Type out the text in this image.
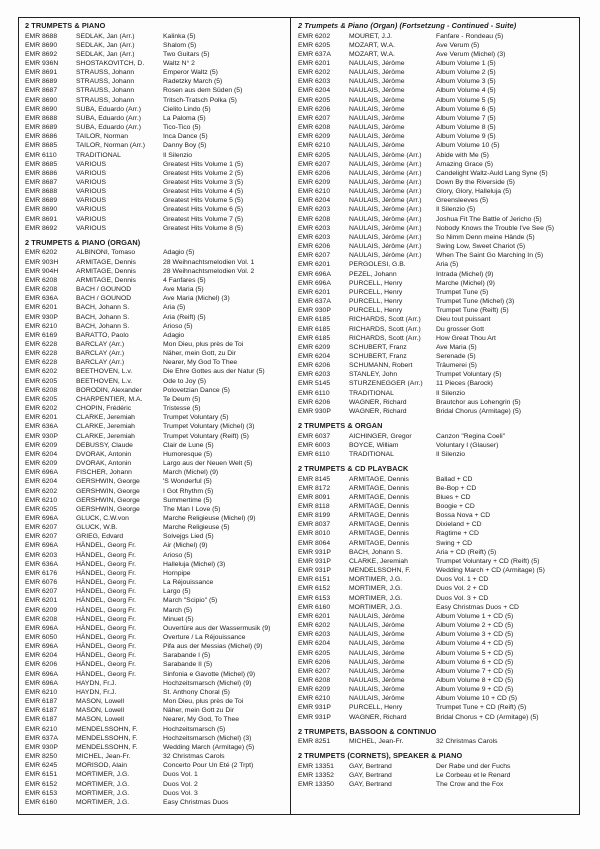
2 TRUMPETS & PIANO
EMR 8688	SEDLAK, Jan (Arr.)	Kalinka (5)
EMR 8690	SEDLAK, Jan (Arr.)	Shalom (5)
EMR 8692	SEDLAK, Jan (Arr.)	Two Guitars (5)
EMR 936N	SHOSTAKOVITCH, D.	Waltz N° 2
EMR 8691	STRAUSS, Johann	Emperor Waltz (5)
EMR 8689	STRAUSS, Johann	Radetzky March (5)
EMR 8687	STRAUSS, Johann	Rosen aus dem Süden (5)
EMR 8690	STRAUSS, Johann	Tritsch-Tratsch Polka (5)
EMR 8690	SUBA, Eduardo (Arr.)	Cielito Lindo (5)
EMR 8688	SUBA, Eduardo (Arr.)	La Paloma (5)
EMR 8689	SUBA, Eduardo (Arr.)	Tico-Tico (5)
EMR 8686	TAILOR, Norman	Inca Dance (5)
EMR 8685	TAILOR, Norman (Arr.)	Danny Boy (5)
EMR 6110	TRADITIONAL	Il Silenzio
EMR 8685	VARIOUS	Greatest Hits Volume 1 (5)
EMR 8686	VARIOUS	Greatest Hits Volume 2 (5)
EMR 8687	VARIOUS	Greatest Hits Volume 3 (5)
EMR 8688	VARIOUS	Greatest Hits Volume 4 (5)
EMR 8689	VARIOUS	Greatest Hits Volume 5 (5)
EMR 8690	VARIOUS	Greatest Hits Volume 6 (5)
EMR 8691	VARIOUS	Greatest Hits Volume 7 (5)
EMR 8692	VARIOUS	Greatest Hits Volume 8 (5)
2 TRUMPETS & PIANO (ORGAN)
EMR 6202	ALBINONI, Tomaso	Adagio (5)
EMR 903H	ARMITAGE, Dennis	28 Weihnachtsmelodien Vol. 1
EMR 904H	ARMITAGE, Dennis	28 Weihnachtsmelodien Vol. 2
EMR 6208	ARMITAGE, Dennis	4 Fanfares (5)
EMR 6208	BACH / GOUNOD	Ave Maria (5)
EMR 636A	BACH / GOUNOD	Ave Maria (Michel) (3)
EMR 6201	BACH, Johann S.	Aria (5)
EMR 930P	BACH, Johann S.	Aria (Reift) (5)
EMR 6210	BACH, Johann S.	Arioso (5)
EMR 6169	BARATTO, Paolo	Adagio
EMR 6228	BARCLAY (Arr.)	Mon Dieu, plus près de Toi
EMR 6228	BARCLAY (Arr.)	Näher, mein Gott, zu Dir
EMR 6228	BARCLAY (Arr.)	Nearer, My God To Thee
EMR 6202	BEETHOVEN, L.v.	Die Ehre Gottes aus der Natur (5)
EMR 6205	BEETHOVEN, L.v.	Ode to Joy (5)
EMR 6208	BORODIN, Alexander	Polovetzian Dance (5)
EMR 6205	CHARPENTIER, M.A.	Te Deum (5)
EMR 6202	CHOPIN, Frédéric	Tristesse (5)
EMR 6201	CLARKE, Jeremiah	Trumpet Voluntary (5)
EMR 636A	CLARKE, Jeremiah	Trumpet Voluntary (Michel) (3)
EMR 930P	CLARKE, Jeremiah	Trumpet Voluntary (Reift) (5)
EMR 6209	DEBUSSY, Claude	Clair de Lune (5)
EMR 6204	DVORAK, Antonin	Humoresque (5)
EMR 6209	DVORAK, Antonin	Largo aus der Neuen Welt (5)
EMR 696A	FISCHER, Johann	March (Michel) (9)
EMR 6204	GERSHWIN, George	'S Wonderful (5)
EMR 6202	GERSHWIN, George	I Got Rhythm (5)
EMR 6210	GERSHWIN, George	Summertime (5)
EMR 6205	GERSHWIN, George	The Man I Love (5)
EMR 696A	GLUCK, C.W.von	Marche Religieuse (Michel) (9)
EMR 6207	GLUCK, W.B.	Marche Religieuse (5)
EMR 6207	GRIEG, Edvard	Solvejgs Lied (5)
EMR 696A	HÄNDEL, Georg Fr.	Air (Michel) (9)
EMR 6203	HÄNDEL, Georg Fr.	Arioso (5)
EMR 636A	HÄNDEL, Georg Fr.	Halleluja (Michel) (3)
EMR 6176	HÄNDEL, Georg Fr.	Hornpipe
EMR 6076	HÄNDEL, Georg Fr.	La Réjouissance
EMR 6207	HÄNDEL, Georg Fr.	Largo (5)
EMR 6201	HÄNDEL, Georg Fr.	March "Scipio" (5)
EMR 6209	HÄNDEL, Georg Fr.	March (5)
EMR 6208	HÄNDEL, Georg Fr.	Minuet (5)
EMR 696A	HÄNDEL, Georg Fr.	Ouvertüre aus der Wassermusik (9)
EMR 6050	HÄNDEL, Georg Fr.	Overture / La Réjouissance
EMR 696A	HÄNDEL, Georg Fr.	Pifa aus der Messias (Michel) (9)
EMR 6204	HÄNDEL, Georg Fr.	Sarabande I (5)
EMR 6206	HÄNDEL, Georg Fr.	Sarabande II (5)
EMR 696A	HÄNDEL, Georg Fr.	Sinfonia e Gavotte (Michel) (9)
EMR 696A	HAYDN, Fr.J.	Hochzeitsmarsch (Michel) (9)
EMR 6210	HAYDN, Fr.J.	St. Anthony Choral (5)
EMR 6187	MASON, Lowell	Mon Dieu, plus près de Toi
EMR 6187	MASON, Lowell	Näher, mein Gott zu Dir
EMR 6187	MASON, Lowell	Nearer, My God, To Thee
EMR 6210	MENDELSSOHN, F.	Hochzeitsmarsch (5)
EMR 637A	MENDELSSOHN, F.	Hochzeitsmarsch (Michel) (3)
EMR 930P	MENDELSSOHN, F.	Wedding March (Armitage) (5)
EMR 8250	MICHEL, Jean-Fr.	32 Christmas Carols
EMR 6245	MORISOD, Alain	Concerto Pour Un Eté (2 Trpt)
EMR 6151	MORTIMER, J.G.	Duos Vol. 1
EMR 6152	MORTIMER, J.G.	Duos Vol. 2
EMR 6153	MORTIMER, J.G.	Duos Vol. 3
EMR 6160	MORTIMER, J.G.	Easy Christmas Duos
2 Trumpets & Piano (Organ) (Fortsetzung - Continued - Suite)
EMR 6202	MOURET, J.J.	Fanfare - Rondeau (5)
EMR 6205	MOZART, W.A.	Ave Verum (5)
EMR 637A	MOZART, W.A.	Ave Verum (Michel) (3)
EMR 6201	NAULAIS, Jérôme	Album Volume 1 (5)
EMR 6202	NAULAIS, Jérôme	Album Volume 2 (5)
EMR 6203	NAULAIS, Jérôme	Album Volume 3 (5)
EMR 6204	NAULAIS, Jérôme	Album Volume 4 (5)
EMR 6205	NAULAIS, Jérôme	Album Volume 5 (5)
EMR 6206	NAULAIS, Jérôme	Album Volume 6 (5)
EMR 6207	NAULAIS, Jérôme	Album Volume 7 (5)
EMR 6208	NAULAIS, Jérôme	Album Volume 8 (5)
EMR 6209	NAULAIS, Jérôme	Album Volume 9 (5)
EMR 6210	NAULAIS, Jérôme	Album Volume 10 (5)
EMR 6205	NAULAIS, Jérôme (Arr.)	Abide with Me (5)
EMR 6207	NAULAIS, Jérôme (Arr.)	Amazing Grace (5)
EMR 6206	NAULAIS, Jérôme (Arr.)	Candelight Waltz-Auld Lang Syne (5)
EMR 6209	NAULAIS, Jérôme (Arr.)	Down By the Riverside (5)
EMR 6210	NAULAIS, Jérôme (Arr.)	Glory, Glory, Halleluja (5)
EMR 6204	NAULAIS, Jérôme (Arr.)	Greensleeves (5)
EMR 6203	NAULAIS, Jérôme (Arr.)	Il Silenzio (5)
EMR 6208	NAULAIS, Jérôme (Arr.)	Joshua Fit The Battle of Jericho (5)
EMR 6203	NAULAIS, Jérôme (Arr.)	Nobody Knows the Trouble I've See (5)
EMR 6203	NAULAIS, Jérôme (Arr.)	So Nimm Denn meine Hände (5)
EMR 6206	NAULAIS, Jérôme (Arr.)	Swing Low, Sweet Chariot (5)
EMR 6207	NAULAIS, Jérôme (Arr.)	When The Saint Go Marching In (5)
EMR 6201	PERGOLESI, G.B.	Aria (5)
EMR 696A	PEZEL, Johann	Intrada (Michel) (9)
EMR 696A	PURCELL, Henry	Marche (Michel) (9)
EMR 6201	PURCELL, Henry	Trumpet Tune (5)
EMR 637A	PURCELL, Henry	Trumpet Tune (Michel) (3)
EMR 930P	PURCELL, Henry	Trumpet Tune (Reift) (5)
EMR 6185	RICHARDS, Scott (Arr.)	Dieu tout puissant
EMR 6185	RICHARDS, Scott (Arr.)	Du grosser Gott
EMR 6185	RICHARDS, Scott (Arr.)	How Great Thou Art
EMR 6209	SCHUBERT, Franz	Ave Maria (5)
EMR 6204	SCHUBERT, Franz	Serenade (5)
EMR 6206	SCHUMANN, Robert	Träumerei (5)
EMR 6203	STANLEY, John	Trumpet Voluntary (5)
EMR 5145	STURZENEGGER (Arr.)	11 Pieces (Barock)
EMR 6110	TRADITIONAL	Il Silenzio
EMR 6206	WAGNER, Richard	Brautchor aus Lohengrin (5)
EMR 930P	WAGNER, Richard	Bridal Chorus (Armitage) (5)
2 TRUMPETS & ORGAN
EMR 6037	AICHINGER, Gregor	Canzon "Regina Coeli"
EMR 6003	BOYCE, William	Voluntary I (Glauser)
EMR 6110	TRADITIONAL	Il Silenzio
2 TRUMPETS & CD PLAYBACK
EMR 8145	ARMITAGE, Dennis	Ballad + CD
EMR 8172	ARMITAGE, Dennis	Be-Bop + CD
EMR 8091	ARMITAGE, Dennis	Blues + CD
EMR 8118	ARMITAGE, Dennis	Boogie + CD
EMR 8199	ARMITAGE, Dennis	Bossa Nova + CD
EMR 8037	ARMITAGE, Dennis	Dixieland + CD
EMR 8010	ARMITAGE, Dennis	Ragtime + CD
EMR 8064	ARMITAGE, Dennis	Swing + CD
EMR 931P	BACH, Johann S.	Aria + CD (Reift) (5)
EMR 931P	CLARKE, Jeremiah	Trumpet Voluntary + CD (Reift) (5)
EMR 931P	MENDELSSOHN, F.	Wedding March + CD (Armitage) (5)
EMR 6151	MORTIMER, J.G.	Duos Vol. 1 + CD
EMR 6152	MORTIMER, J.G.	Duos Vol. 2 + CD
EMR 6153	MORTIMER, J.G.	Duos Vol. 3 + CD
EMR 6160	MORTIMER, J.G.	Easy Christmas Duos + CD
EMR 6201	NAULAIS, Jérôme	Album Volume 1 + CD (5)
EMR 6202	NAULAIS, Jérôme	Album Volume 2 + CD (5)
EMR 6203	NAULAIS, Jérôme	Album Volume 3 + CD (5)
EMR 6204	NAULAIS, Jérôme	Album Volume 4 + CD (5)
EMR 6205	NAULAIS, Jérôme	Album Volume 5 + CD (5)
EMR 6206	NAULAIS, Jérôme	Album Volume 6 + CD (5)
EMR 6207	NAULAIS, Jérôme	Album Volume 7 + CD (5)
EMR 6208	NAULAIS, Jérôme	Album Volume 8 + CD (5)
EMR 6209	NAULAIS, Jérôme	Album Volume 9 + CD (5)
EMR 6210	NAULAIS, Jérôme	Album Volume 10 + CD (5)
EMR 931P	PURCELL, Henry	Trumpet Tune + CD (Reift) (5)
EMR 931P	WAGNER, Richard	Bridal Chorus + CD (Armitage) (5)
2 TRUMPETS, BASSOON & CONTINUO
EMR 8251	MICHEL, Jean-Fr.	32 Christmas Carols
2 TRUMPETS (CORNETS), SPEAKER & PIANO
EMR 13351	GAY, Bertrand	Der Rabe und der Fuchs
EMR 13352	GAY, Bertrand	Le Corbeau et le Renard
EMR 13350	GAY, Bertrand	The Crow and the Fox
